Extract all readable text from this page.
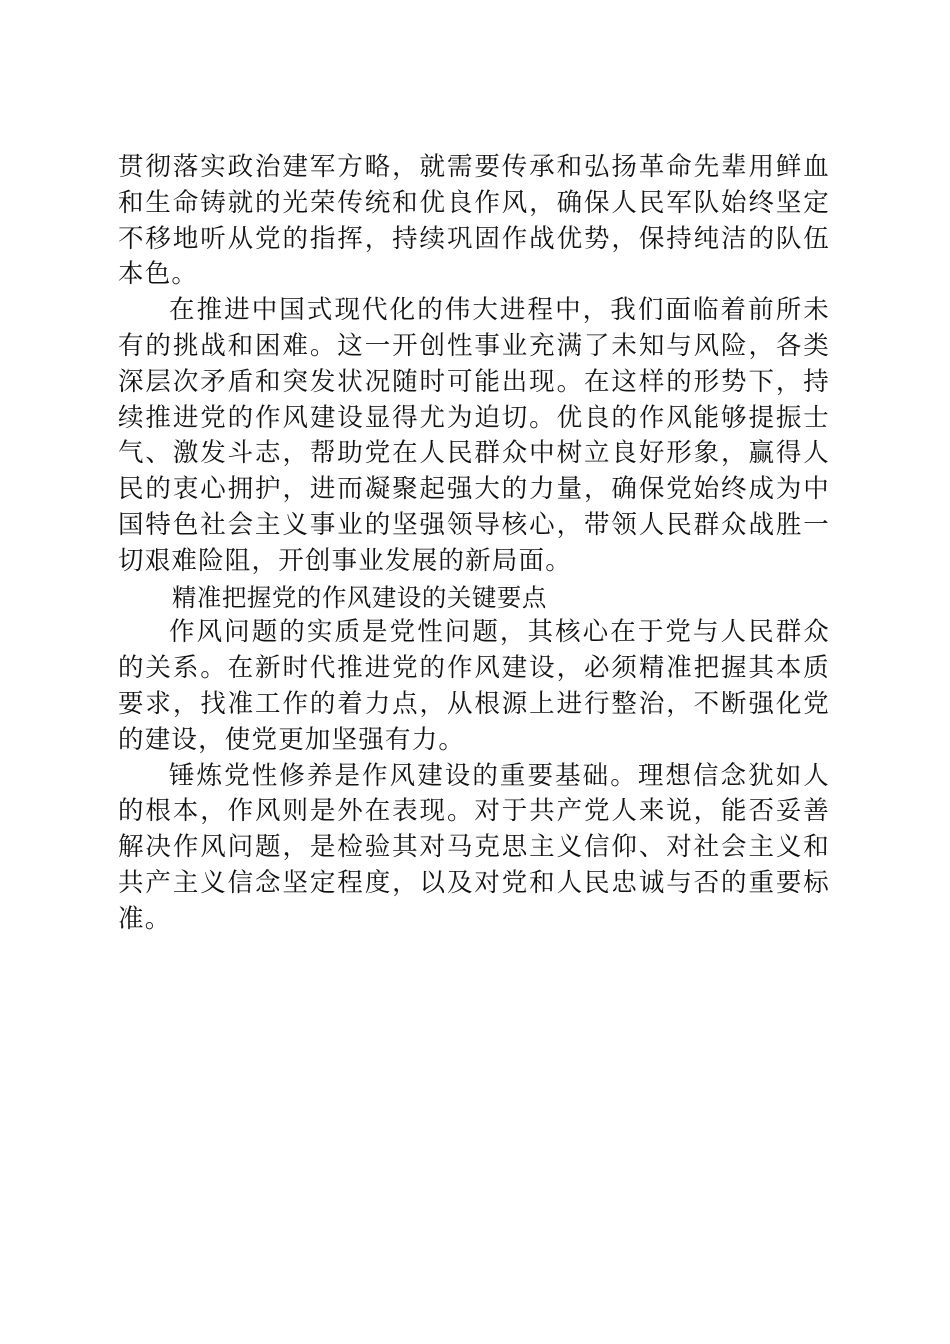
贯彻落实政治建军方略，就需要传承和弘扬革命先辈用鲜血和生命铸就的光荣传统和优良作风，确保人民军队始终坚定不移地听从党的指挥，持续巩固作战优势，保持纯洁的队伍本色。

在推进中国式现代化的伟大进程中，我们面临着前所未有的挑战和困难。这一开创性事业充满了未知与风险，各类深层次矛盾和突发状况随时可能出现。在这样的形势下，持续推进党的作风建设显得尤为迫切。优良的作风能够提振士气、激发斗志，帮助党在人民群众中树立良好形象，赢得人民的衷心拥护，进而凝聚起强大的力量，确保党始终成为中国特色社会主义事业的坚强领导核心，带领人民群众战胜一切艰难险阻，开创事业发展的新局面。

精准把握党的作风建设的关键要点

作风问题的实质是党性问题，其核心在于党与人民群众的关系。在新时代推进党的作风建设，必须精准把握其本质要求，找准工作的着力点，从根源上进行整治，不断强化党的建设，使党更加坚强有力。

锤炼党性修养是作风建设的重要基础。理想信念犹如人的根本，作风则是外在表现。对于共产党人来说，能否妥善解决作风问题，是检验其对马克思主义信仰、对社会主义和共产主义信念坚定程度，以及对党和人民忠诚与否的重要标准。
